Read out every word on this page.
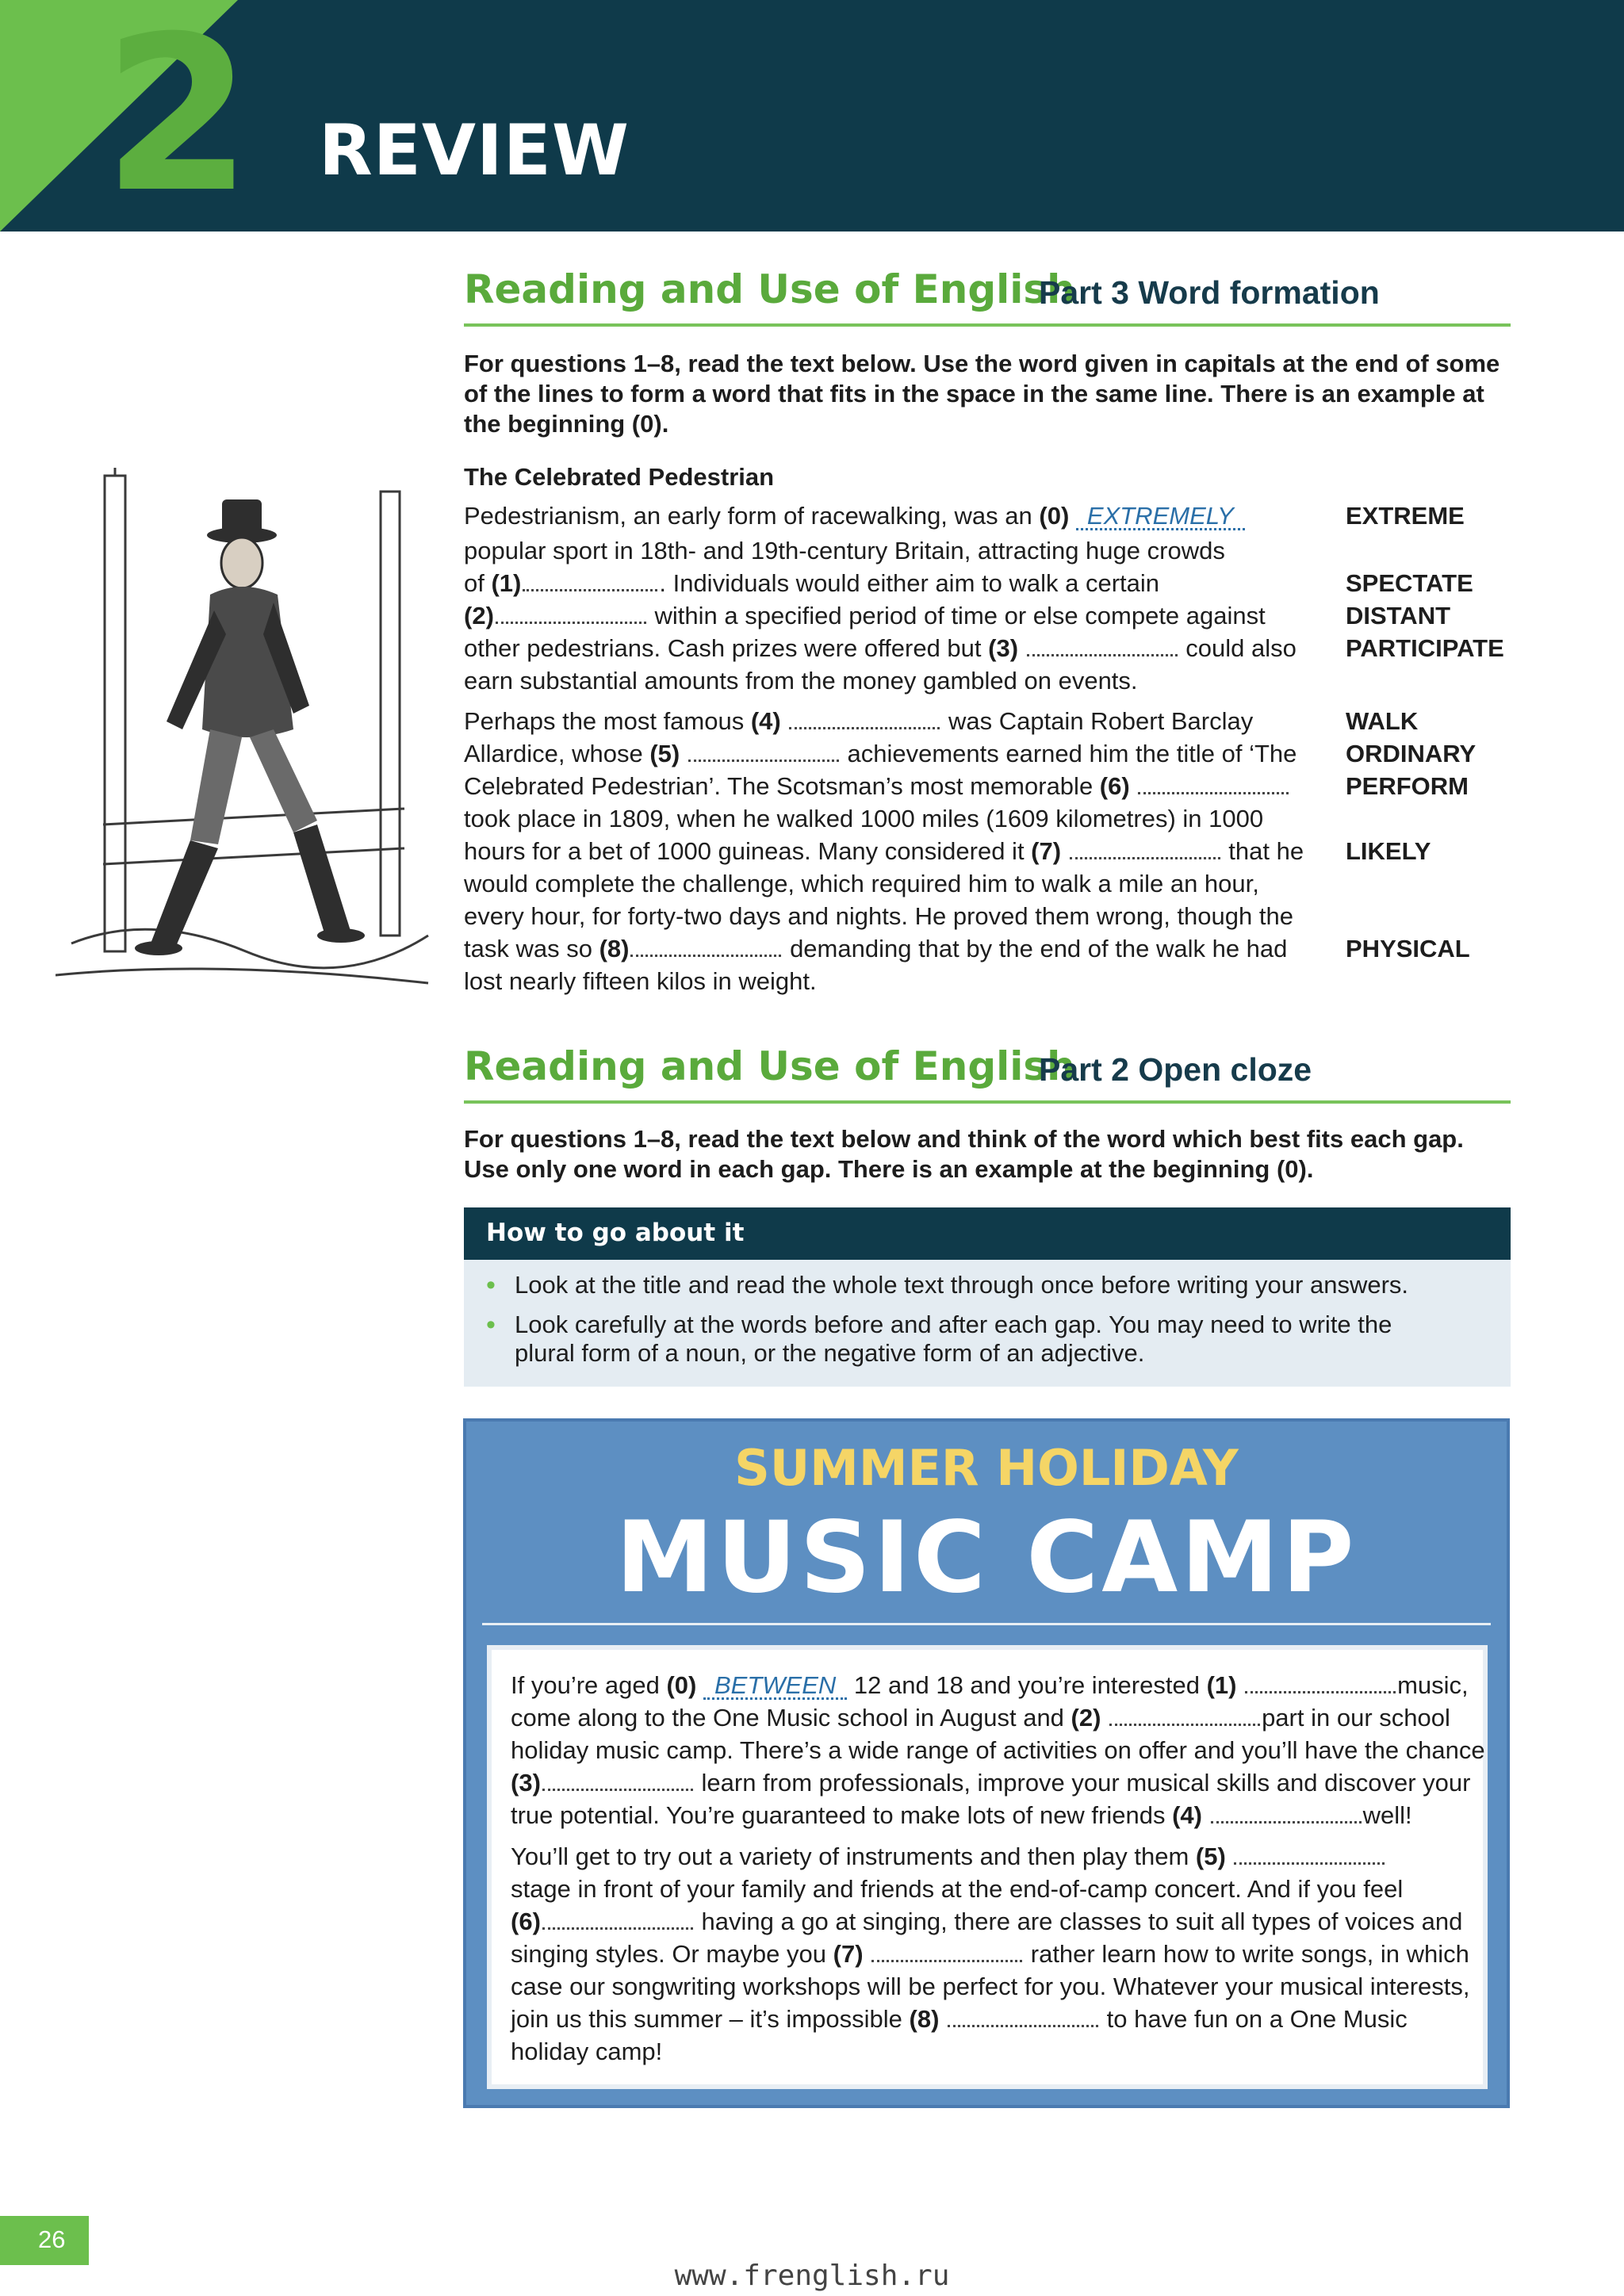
2 REVIEW
Reading and Use of English
Part 3 Word formation
For questions 1–8, read the text below. Use the word given in capitals at the end of some of the lines to form a word that fits in the space in the same line. There is an example at the beginning (0).
The Celebrated Pedestrian
Pedestrianism, an early form of racewalking, was an (0) EXTREMELY
popular sport in 18th- and 19th-century Britain, attracting huge crowds
of (1)	. Individuals would either aim to walk a certain
(2)	within a specified period of time or else compete against
other pedestrians. Cash prizes were offered but (3)	could also
earn substantial amounts from the money gambled on events.
Perhaps the most famous (4)	was Captain Robert Barclay
Allardice, whose (5)	achievements earned him the title of ‘The
Celebrated Pedestrian’. The Scotsman’s most memorable (6)
took place in 1809, when he walked 1000 miles (1609 kilometres) in 1000
hours for a bet of 1000 guineas. Many considered it (7)	that he
would complete the challenge, which required him to walk a mile an hour,
every hour, for forty-two days and nights. He proved them wrong, though the
task was so (8)	demanding that by the end of the walk he had
lost nearly fifteen kilos in weight.
EXTREME
SPECTATE
DISTANT
PARTICIPATE
WALK
ORDINARY
PERFORM
LIKELY
PHYSICAL
Reading and Use of English
Part 2 Open cloze
For questions 1–8, read the text below and think of the word which best fits each gap. Use only one word in each gap. There is an example at the beginning (0).
How to go about it
• Look at the title and read the whole text through once before writing your answers.
• Look carefully at the words before and after each gap. You may need to write the
plural form of a noun, or the negative form of an adjective.
SUMMER HOLIDAY
MUSIC CAMP
If you’re aged (0) BETWEEN 12 and 18 and you’re interested (1)	music,
come along to the One Music school in August and (2)	part in our school
holiday music camp. There’s a wide range of activities on offer and you’ll have the chance
(3)	learn from professionals, improve your musical skills and discover your
true potential. You’re guaranteed to make lots of new friends (4)	well!
You’ll get to try out a variety of instruments and then play them (5)
stage in front of your family and friends at the end-of-camp concert. And if you feel
(6)	having a go at singing, there are classes to suit all types of voices and
singing styles. Or maybe you (7)	rather learn how to write songs, in which
case our songwriting workshops will be perfect for you. Whatever your musical interests,
join us this summer – it’s impossible (8)	to have fun on a One Music
holiday camp!
26
www.frenglish.ru
